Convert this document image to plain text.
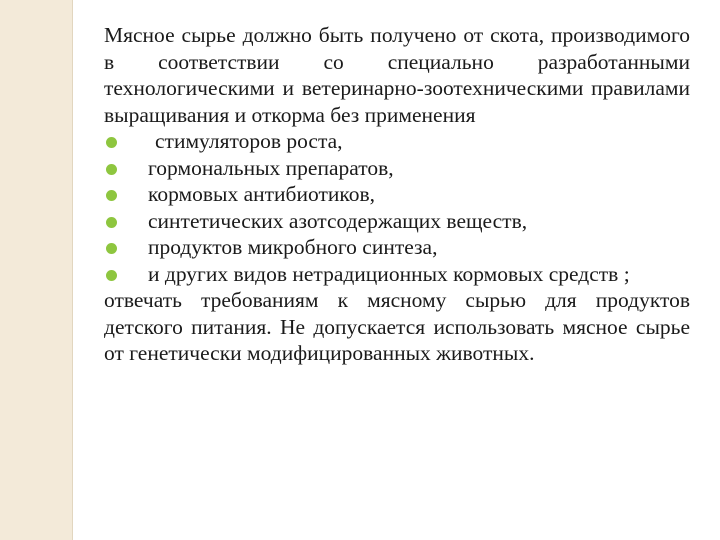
Мясное сырье должно быть получено от скота, производимого в соответствии со специально разработанными технологическими и ветеринарно-зоотехническими правилами выращивания и откорма без применения

стимуляторов роста,
гормональных препаратов,
кормовых антибиотиков,
синтетических азотсодержащих веществ,
продуктов микробного синтеза,
и других видов нетрадиционных кормовых средств ;

отвечать требованиям к мясному сырью для продуктов детского питания. Не допускается использовать мясное сырье от генетически модифицированных животных.
